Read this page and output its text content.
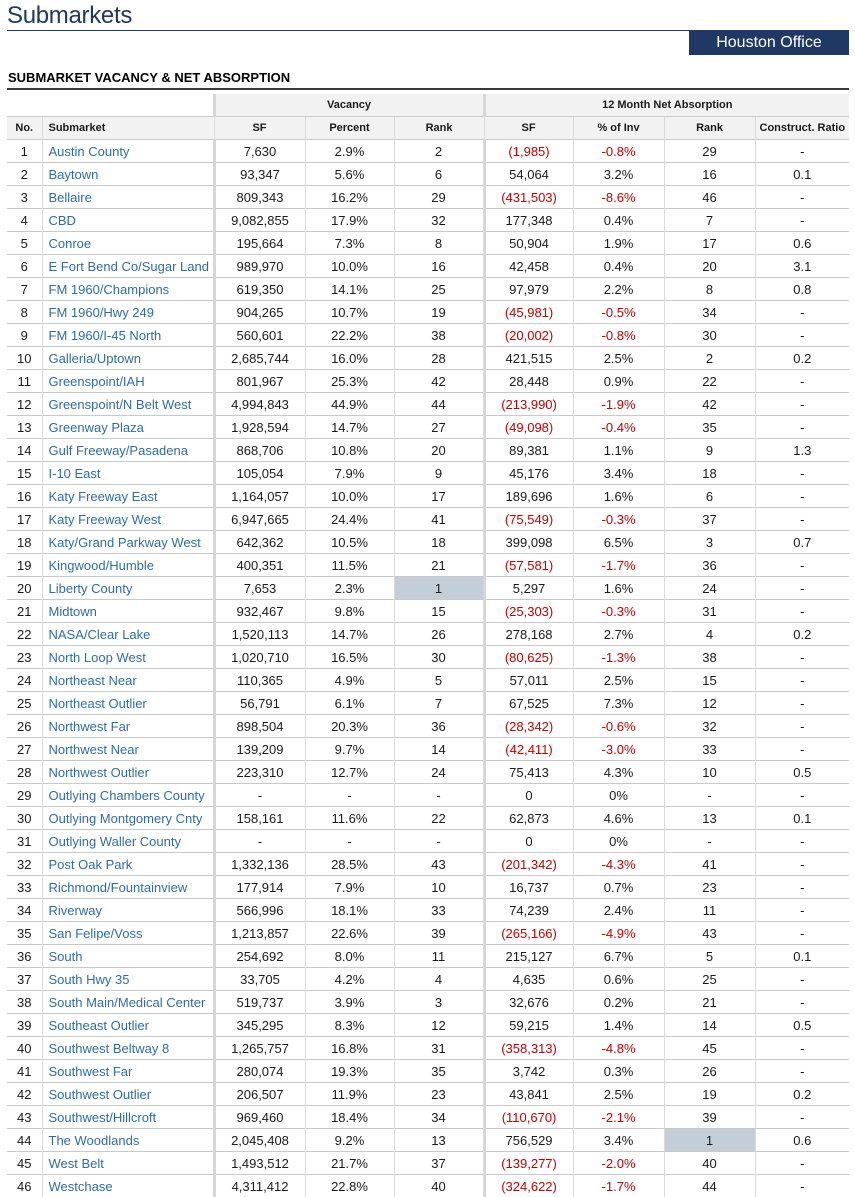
Submarkets
Houston Office
SUBMARKET VACANCY & NET ABSORPTION
		Vacancy			12 Month Net Absorption			
No.	Submarket	SF	Percent	Rank	SF	% of Inv	Rank	Construct. Ratio
1	Austin County	7,630	2.9%	2	(1,985)	-0.8%	29	-
2	Baytown	93,347	5.6%	6	54,064	3.2%	16	0.1
3	Bellaire	809,343	16.2%	29	(431,503)	-8.6%	46	-
4	CBD	9,082,855	17.9%	32	177,348	0.4%	7	-
5	Conroe	195,664	7.3%	8	50,904	1.9%	17	0.6
6	E Fort Bend Co/Sugar Land	989,970	10.0%	16	42,458	0.4%	20	3.1
7	FM 1960/Champions	619,350	14.1%	25	97,979	2.2%	8	0.8
8	FM 1960/Hwy 249	904,265	10.7%	19	(45,981)	-0.5%	34	-
9	FM 1960/I-45 North	560,601	22.2%	38	(20,002)	-0.8%	30	-
10	Galleria/Uptown	2,685,744	16.0%	28	421,515	2.5%	2	0.2
11	Greenspoint/IAH	801,967	25.3%	42	28,448	0.9%	22	-
12	Greenspoint/N Belt West	4,994,843	44.9%	44	(213,990)	-1.9%	42	-
13	Greenway Plaza	1,928,594	14.7%	27	(49,098)	-0.4%	35	-
14	Gulf Freeway/Pasadena	868,706	10.8%	20	89,381	1.1%	9	1.3
15	I-10 East	105,054	7.9%	9	45,176	3.4%	18	-
16	Katy Freeway East	1,164,057	10.0%	17	189,696	1.6%	6	-
17	Katy Freeway West	6,947,665	24.4%	41	(75,549)	-0.3%	37	-
18	Katy/Grand Parkway West	642,362	10.5%	18	399,098	6.5%	3	0.7
19	Kingwood/Humble	400,351	11.5%	21	(57,581)	-1.7%	36	-
20	Liberty County	7,653	2.3%	1	5,297	1.6%	24	-
21	Midtown	932,467	9.8%	15	(25,303)	-0.3%	31	-
22	NASA/Clear Lake	1,520,113	14.7%	26	278,168	2.7%	4	0.2
23	North Loop West	1,020,710	16.5%	30	(80,625)	-1.3%	38	-
24	Northeast Near	110,365	4.9%	5	57,011	2.5%	15	-
25	Northeast Outlier	56,791	6.1%	7	67,525	7.3%	12	-
26	Northwest Far	898,504	20.3%	36	(28,342)	-0.6%	32	-
27	Northwest Near	139,209	9.7%	14	(42,411)	-3.0%	33	-
28	Northwest Outlier	223,310	12.7%	24	75,413	4.3%	10	0.5
29	Outlying Chambers County	-	-	-	0	0%	-	-
30	Outlying Montgomery Cnty	158,161	11.6%	22	62,873	4.6%	13	0.1
31	Outlying Waller County	-	-	-	0	0%	-	-
32	Post Oak Park	1,332,136	28.5%	43	(201,342)	-4.3%	41	-
33	Richmond/Fountainview	177,914	7.9%	10	16,737	0.7%	23	-
34	Riverway	566,996	18.1%	33	74,239	2.4%	11	-
35	San Felipe/Voss	1,213,857	22.6%	39	(265,166)	-4.9%	43	-
36	South	254,692	8.0%	11	215,127	6.7%	5	0.1
37	South Hwy 35	33,705	4.2%	4	4,635	0.6%	25	-
38	South Main/Medical Center	519,737	3.9%	3	32,676	0.2%	21	-
39	Southeast Outlier	345,295	8.3%	12	59,215	1.4%	14	0.5
40	Southwest Beltway 8	1,265,757	16.8%	31	(358,313)	-4.8%	45	-
41	Southwest Far	280,074	19.3%	35	3,742	0.3%	26	-
42	Southwest Outlier	206,507	11.9%	23	43,841	2.5%	19	0.2
43	Southwest/Hillcroft	969,460	18.4%	34	(110,670)	-2.1%	39	-
44	The Woodlands	2,045,408	9.2%	13	756,529	3.4%	1	0.6
45	West Belt	1,493,512	21.7%	37	(139,277)	-2.0%	40	-
46	Westchase	4,311,412	22.8%	40	(324,622)	-1.7%	44	-
